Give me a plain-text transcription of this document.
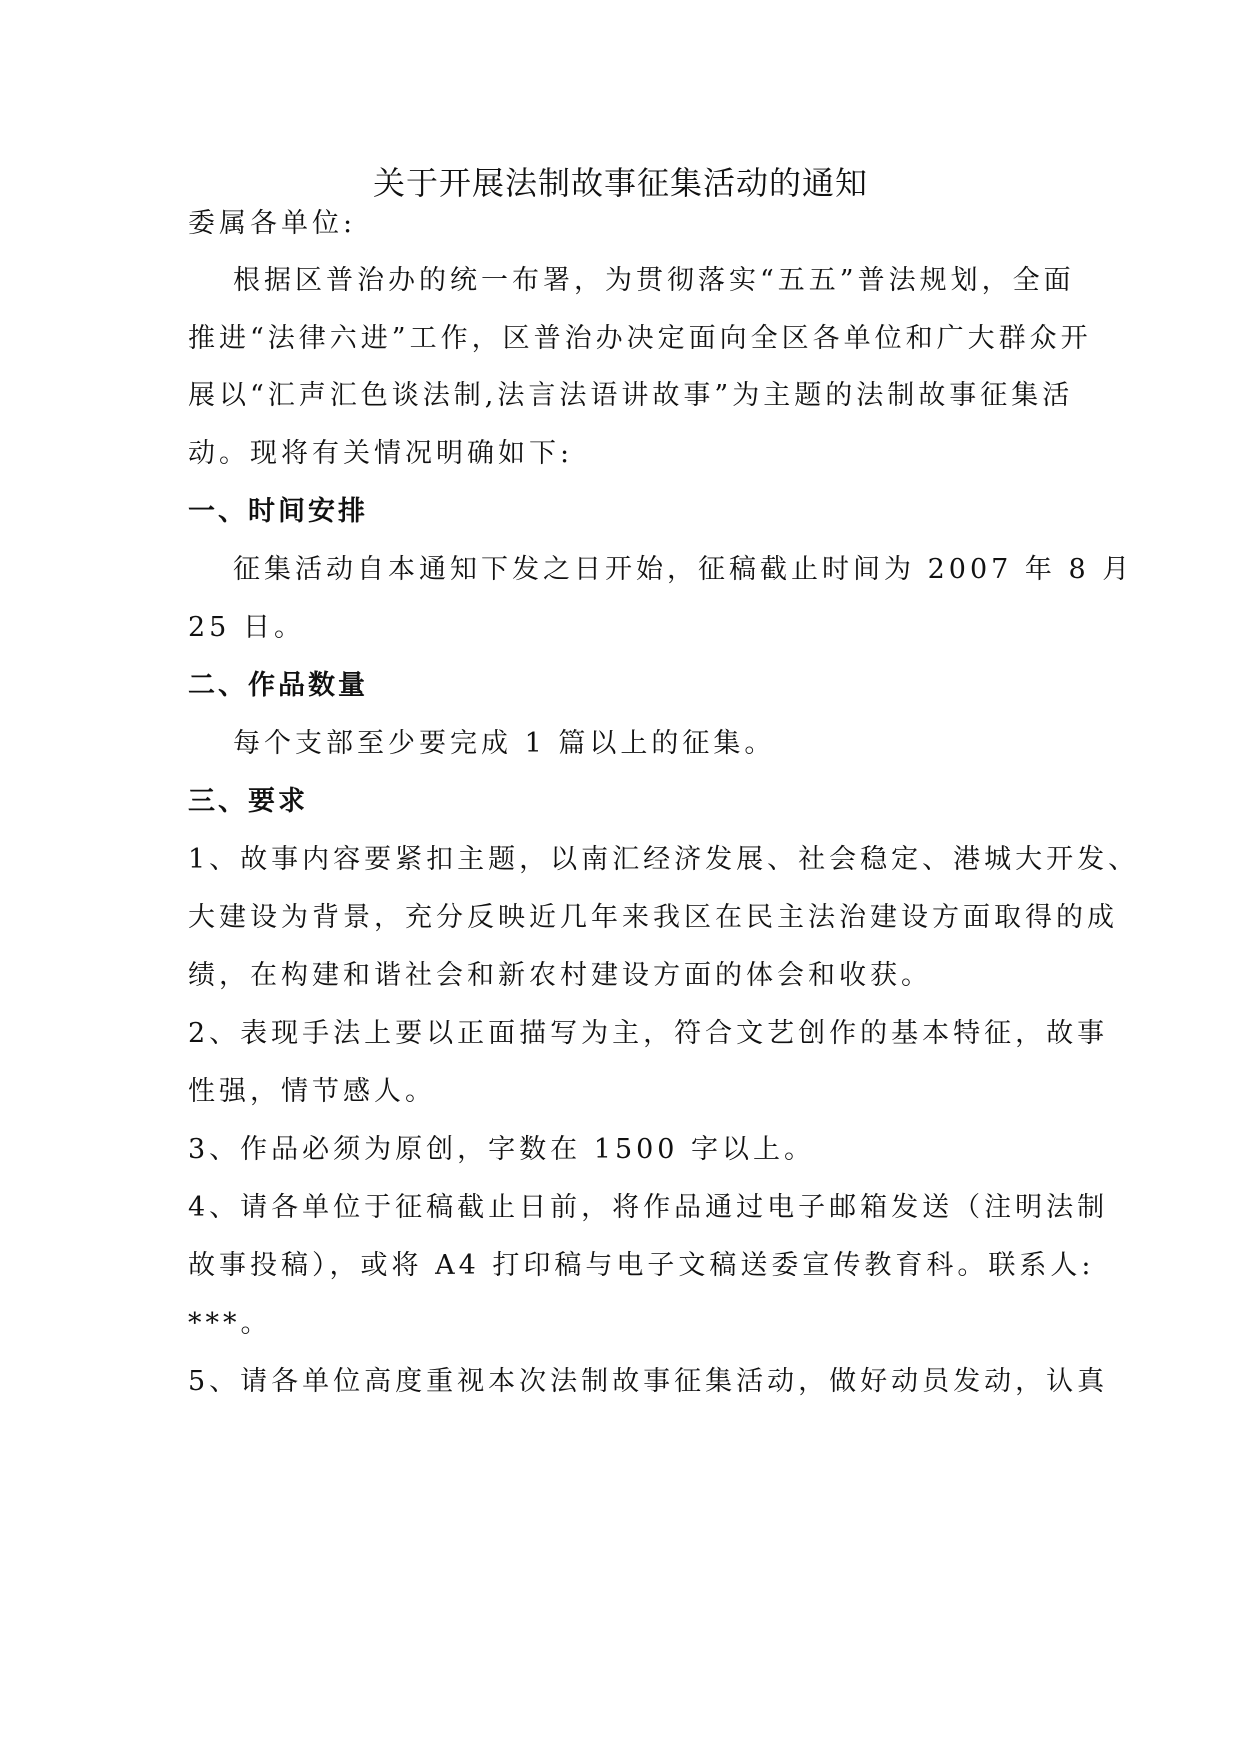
关于开展法制故事征集活动的通知
委属各单位:
根据区普治办的统一布署，为贯彻落实“五五”普法规划，全面
推进“法律六进”工作，区普治办决定面向全区各单位和广大群众开
展以“汇声汇色谈法制,法言法语讲故事”为主题的法制故事征集活
动。现将有关情况明确如下:
一、时间安排
征集活动自本通知下发之日开始，征稿截止时间为 2007 年 8 月
25 日。
二、作品数量
每个支部至少要完成 1 篇以上的征集。
三、要求
1、故事内容要紧扣主题，以南汇经济发展、社会稳定、港城大开发、
大建设为背景，充分反映近几年来我区在民主法治建设方面取得的成
绩，在构建和谐社会和新农村建设方面的体会和收获。
2、表现手法上要以正面描写为主，符合文艺创作的基本特征，故事
性强，情节感人。
3、作品必须为原创，字数在 1500 字以上。
4、请各单位于征稿截止日前，将作品通过电子邮箱发送（注明法制
故事投稿），或将 A4 打印稿与电子文稿送委宣传教育科。联系人:
***。
5、请各单位高度重视本次法制故事征集活动，做好动员发动，认真
